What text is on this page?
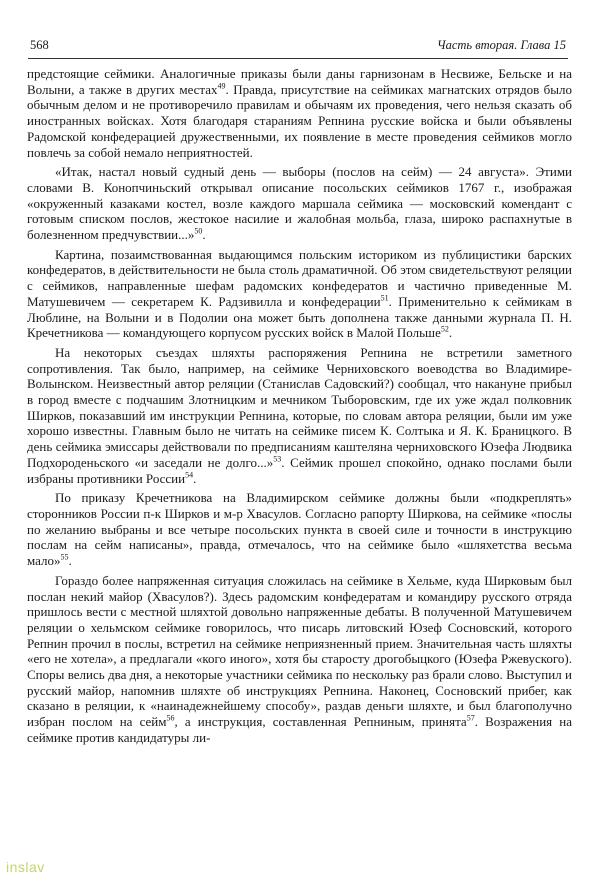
568	Часть вторая. Глава 15

предстоящие сеймики. Аналогичные приказы были даны гарнизонам в Несвиже, Бельске и на Волыни, а также в других местах$^{49}$. Правда, присутствие на сеймиках магнатских отрядов было обычным делом и не противоречило правилам и обычаям их проведения, чего нельзя сказать об иностранных войсках. Хотя благодаря стараниям Репнина русские войска и были объявлены Радомской конфедерацией дружественными, их появление в месте проведения сеймиков могло повлечь за собой немало неприятностей.

«Итак, настал новый судный день — выборы (послов на сейм) — 24 августа». Этими словами В. Конопчиньский открывал описание посольских сеймиков 1767 г., изображая «окруженный казаками костел, возле каждого маршала сеймика — московский комендант с готовым списком послов, жестокое насилие и жалобная мольба, глаза, широко распахнутые в болезненном предчувствии...»$^{50}$.

Картина, позаимствованная выдающимся польским историком из публицистики барских конфедератов, в действительности не была столь драматичной. Об этом свидетельствуют реляции с сеймиков, направленные шефам радомских конфедератов и частично приведенные М. Матушевичем — секретарем К. Радзивилла и конфедерации$^{51}$. Применительно к сеймикам в Люблине, на Волыни и в Подолии она может быть дополнена также данными журнала П. Н. Кречетникова — командующего корпусом русских войск в Малой Польше$^{52}$.

На некоторых съездах шляхты распоряжения Репнина не встретили заметного сопротивления. Так было, например, на сеймике Черниховского воеводства во Владимире-Волынском. Неизвестный автор реляции (Станислав Садовский?) сообщал, что накануне прибыл в город вместе с подчашим Злотницким и мечником Тыборовским, где их уже ждал полковник Ширков, показавший им инструкции Репнина, которые, по словам автора реляции, были им уже хорошо известны. Главным было не читать на сеймике писем К. Солтыка и Я. К. Браницкого. В день сеймика эмиссары действовали по предписаниям каштеляна черниховского Юзефа Людвика Подхороденьского «и заседали не долго...»$^{53}$. Сеймик прошел спокойно, однако послами были избраны противники России$^{54}$.

По приказу Кречетникова на Владимирском сеймике должны были «подкреплять» сторонников России п-к Ширков и м-р Хвасулов. Согласно рапорту Ширкова, на сеймике «послы по желанию выбраны и все четыре посольских пункта в своей силе и точности в инструкцию послам на сейм написаны», правда, отмечалось, что на сеймике было «шляхетства весьма мало»$^{55}$.

Гораздо более напряженная ситуация сложилась на сеймике в Хельме, куда Ширковым был послан некий майор (Хвасулов?). Здесь радомским конфедератам и командиру русского отряда пришлось вести с местной шляхтой довольно напряженные дебаты. В полученной Матушевичем реляции о хельмском сеймике говорилось, что писарь литовский Юзеф Сосновский, которого Репнин прочил в послы, встретил на сеймике неприязненный прием. Значительная часть шляхты «его не хотела», а предлагали «кого иного», хотя бы старосту дрогобыцкого (Юзефа Ржевуского). Споры велись два дня, а некоторые участники сеймика по нескольку раз брали слово. Выступил и русский майор, напомнив шляхте об инструкциях Репнина. Наконец, Сосновский прибег, как сказано в реляции, к «наинадежнейшему способу», раздав деньги шляхте, и был благополучно избран послом на сейм$^{56}$, а инструкция, составленная Репниным, принята$^{57}$. Возражения на сеймике против кандидатуры ли-

inslav
